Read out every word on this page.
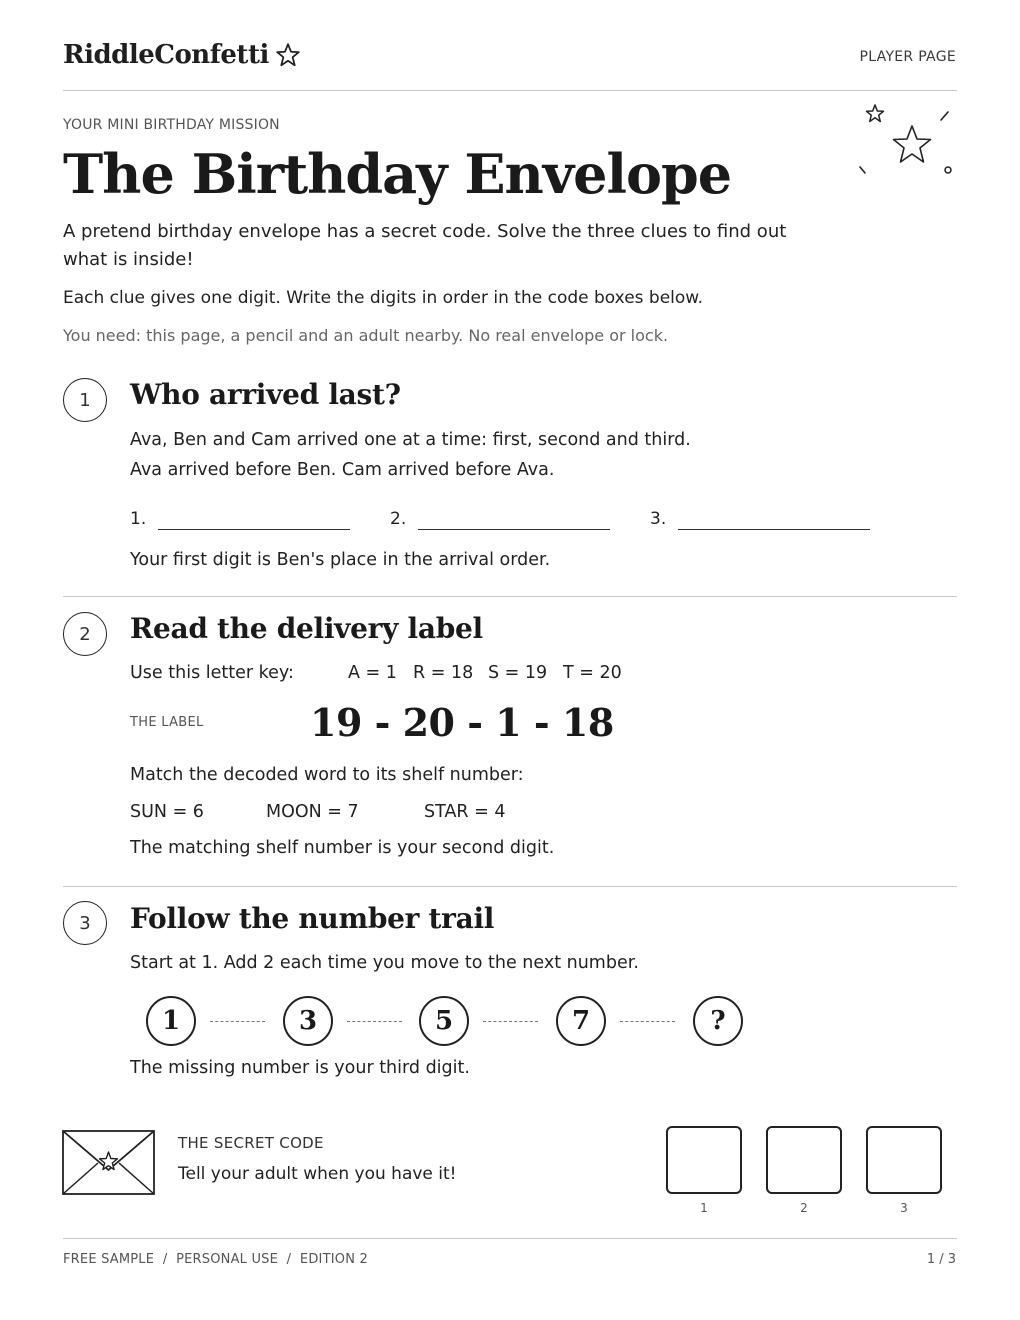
RiddleConfetti	PLAYER PAGE
YOUR MINI BIRTHDAY MISSION
The Birthday Envelope
A pretend birthday envelope has a secret code. Solve the three clues to find out what is inside!
Each clue gives one digit. Write the digits in order in the code boxes below.
You need: this page, a pencil and an adult nearby. No real envelope or lock.
1	Who arrived last?
Ava, Ben and Cam arrived one at a time: first, second and third.
Ava arrived before Ben. Cam arrived before Ava.
1.	2.	3.
Your first digit is Ben's place in the arrival order.
2	Read the delivery label
Use this letter key:	A = 1 R = 18 S = 19 T = 20
THE LABEL	19 - 20 - 1 - 18
Match the decoded word to its shelf number:
SUN = 6	MOON = 7	STAR = 4
The matching shelf number is your second digit.
3	Follow the number trail
Start at 1. Add 2 each time you move to the next number.
1	3	5	7	?
The missing number is your third digit.
THE SECRET CODE
Tell your adult when you have it!
1	2	3
FREE SAMPLE  /  PERSONAL USE  /  EDITION 2	1 / 3
